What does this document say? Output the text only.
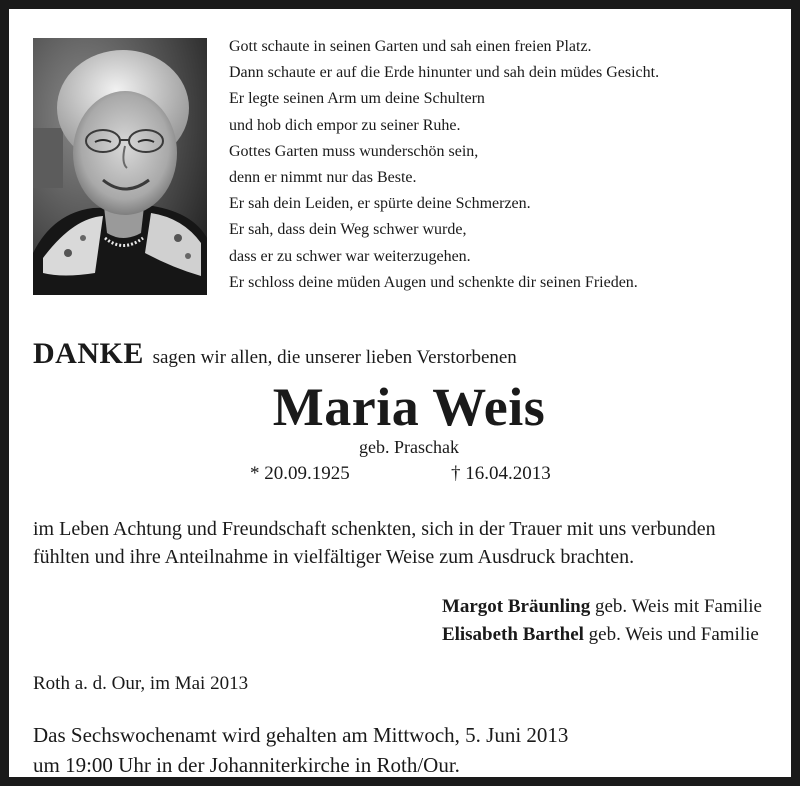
Gott schaute in seinen Garten und sah einen freien Platz.
Dann schaute er auf die Erde hinunter und sah dein müdes Gesicht.
Er legte seinen Arm um deine Schultern
und hob dich empor zu seiner Ruhe.
Gottes Garten muss wunderschön sein,
denn er nimmt nur das Beste.
Er sah dein Leiden, er spürte deine Schmerzen.
Er sah, dass dein Weg schwer wurde,
dass er zu schwer war weiterzugehen.
Er schloss deine müden Augen und schenkte dir seinen Frieden.
DANKE sagen wir allen, die unserer lieben Verstorbenen
Maria Weis
geb. Praschak
* 20.09.1925	† 16.04.2013
im Leben Achtung und Freundschaft schenkten, sich in der Trauer mit uns verbunden
fühlten und ihre Anteilnahme in vielfältiger Weise zum Ausdruck brachten.
Margot Bräunling geb. Weis mit Familie
Elisabeth Barthel geb. Weis und Familie
Roth a. d. Our, im Mai 2013
Das Sechswochenamt wird gehalten am Mittwoch, 5. Juni 2013
um 19:00 Uhr in der Johanniterkirche in Roth/Our.
